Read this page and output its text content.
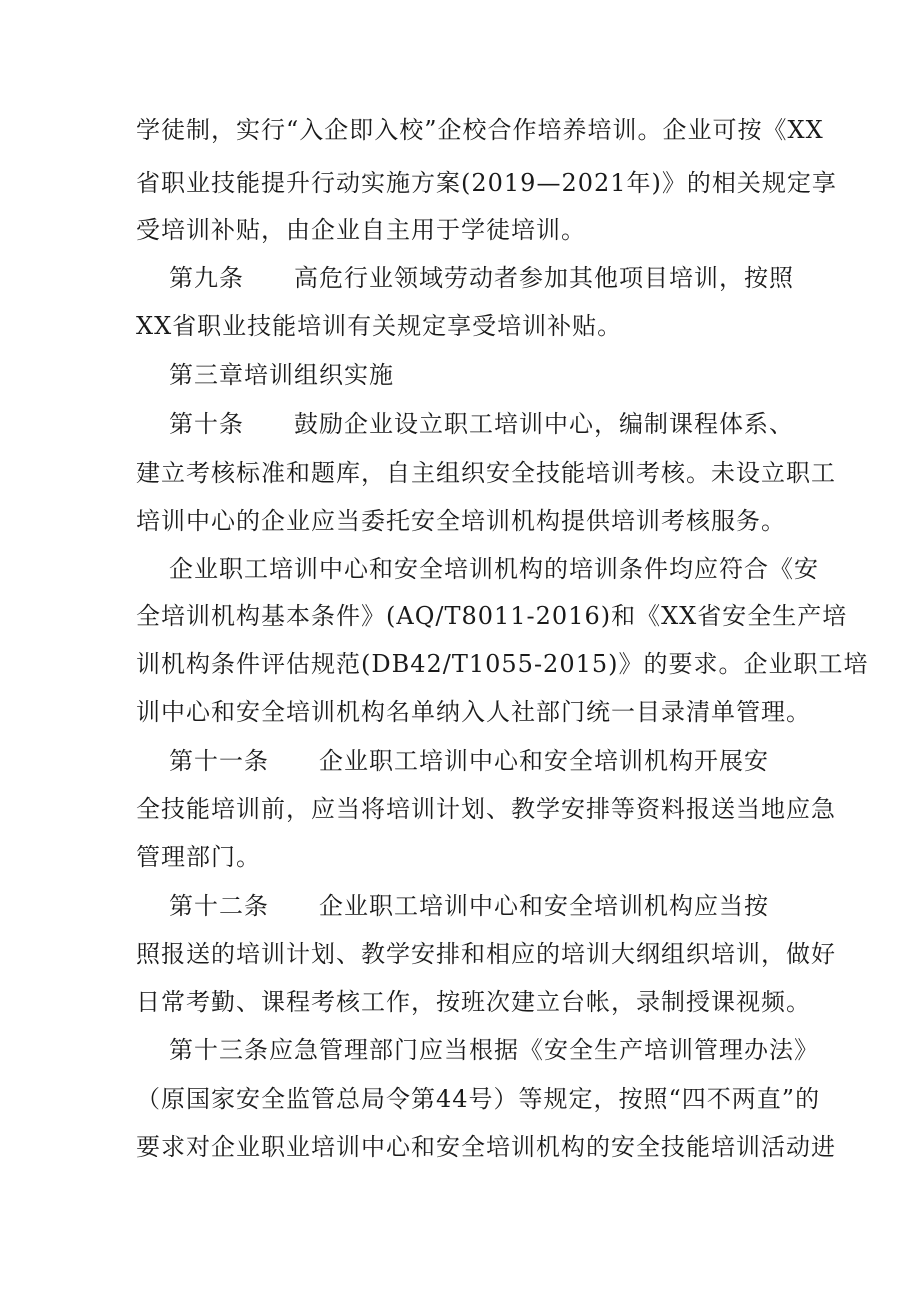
学徒制，实行“入企即入校”企校合作培养培训。企业可按《XX
省职业技能提升行动实施方案(2019—2021年)》的相关规定享
受培训补贴，由企业自主用于学徒培训。
第九条　　高危行业领域劳动者参加其他项目培训，按照
XX省职业技能培训有关规定享受培训补贴。
第三章培训组织实施
第十条　　鼓励企业设立职工培训中心，编制课程体系、
建立考核标准和题库，自主组织安全技能培训考核。未设立职工
培训中心的企业应当委托安全培训机构提供培训考核服务。
企业职工培训中心和安全培训机构的培训条件均应符合《安
全培训机构基本条件》(AQ/T8011-2016)和《XX省安全生产培
训机构条件评估规范(DB42/T1055-2015)》的要求。企业职工培
训中心和安全培训机构名单纳入人社部门统一目录清单管理。
第十一条　　企业职工培训中心和安全培训机构开展安
全技能培训前，应当将培训计划、教学安排等资料报送当地应急
管理部门。
第十二条　　企业职工培训中心和安全培训机构应当按
照报送的培训计划、教学安排和相应的培训大纲组织培训，做好
日常考勤、课程考核工作，按班次建立台帐，录制授课视频。
第十三条应急管理部门应当根据《安全生产培训管理办法》
（原国家安全监管总局令第44号）等规定，按照“四不两直”的
要求对企业职业培训中心和安全培训机构的安全技能培训活动进
